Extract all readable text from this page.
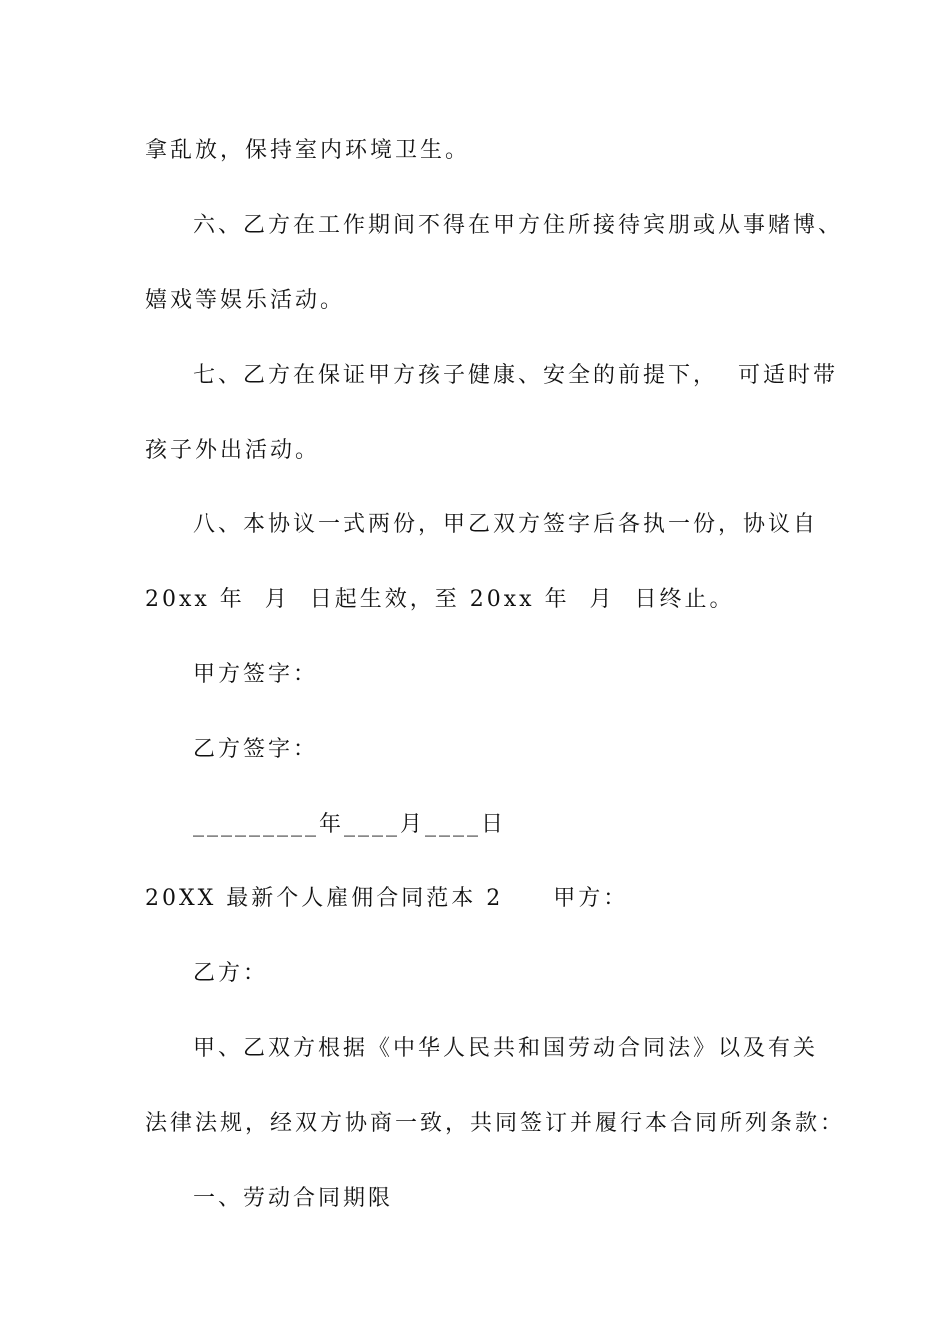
拿乱放，保持室内环境卫生。
六、乙方在工作期间不得在甲方住所接待宾朋或从事赌博、
嬉戏等娱乐活动。
七、乙方在保证甲方孩子健康、安全的前提下，  可适时带
孩子外出活动。
八、本协议一式两份，甲乙双方签字后各执一份，协议自
20xx 年  月  日起生效，至 20xx 年  月  日终止。
甲方签字：
乙方签字：
_________年____月____日
20XX 最新个人雇佣合同范本 2     甲方：
乙方：
甲、乙双方根据《中华人民共和国劳动合同法》以及有关
法律法规，经双方协商一致，共同签订并履行本合同所列条款：
一、劳动合同期限
